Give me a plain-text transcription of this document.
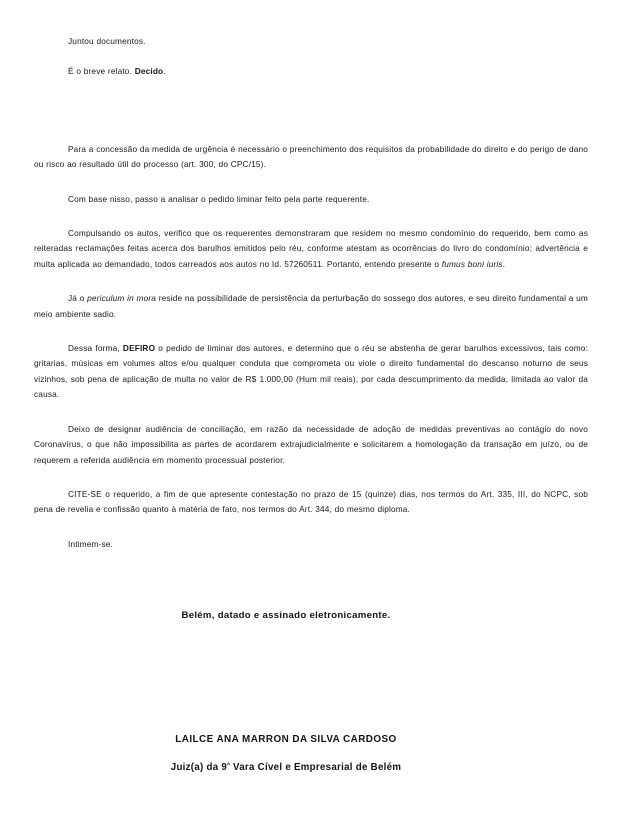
Juntou documentos.

É o breve relato. Decido.

Para a concessão da medida de urgência é necessário o preenchimento dos requisitos da probabilidade do direito e do perigo de dano ou risco ao resultado útil do processo (art. 300, do CPC/15).

Com base nisso, passo a analisar o pedido liminar feito pela parte requerente.

Compulsando os autos, verifico que os requerentes demonstraram que residem no mesmo condomínio do requerido, bem como as reiteradas reclamações feitas acerca dos barulhos emitidos pelo réu, conforme atestam as ocorrências do livro do condomínio; advertência e multa aplicada ao demandado, todos carreados aos autos no Id. 57260511. Portanto, entendo presente o fumus boni iuris.

Já o periculum in mora reside na possibilidade de persistência da perturbação do sossego dos autores, e seu direito fundamental a um meio ambiente sadio.

Dessa forma, DEFIRO o pedido de liminar dos autores, e determino que o réu se abstenha de gerar barulhos excessivos, tais como: gritarias, músicas em volumes altos e/ou qualquer conduta que comprometa ou viole o direito fundamental do descanso noturno de seus vizinhos, sob pena de aplicação de multa no valor de R$ 1.000,00 (Hum mil reais), por cada descumprimento da medida, limitada ao valor da causa.

Deixo de designar audiência de conciliação, em razão da necessidade de adoção de medidas preventivas ao contágio do novo Coronavírus, o que não impossibilita as partes de acordarem extrajudicialmente e solicitarem a homologação da transação em juízo, ou de requerem a referida audiência em momento processual posterior.

CITE-SE o requerido, a fim de que apresente contestação no prazo de 15 (quinze) dias, nos termos do Art. 335, III, do NCPC, sob pena de revelia e confissão quanto à matéria de fato, nos termos do Art. 344, do mesmo diploma.

Intimem-se.

Belém, datado e assinado eletronicamente.
LAILCE ANA MARRON DA SILVA CARDOSO
Juiz(a) da $9^ª$ Vara Cível e Empresarial de Belém
